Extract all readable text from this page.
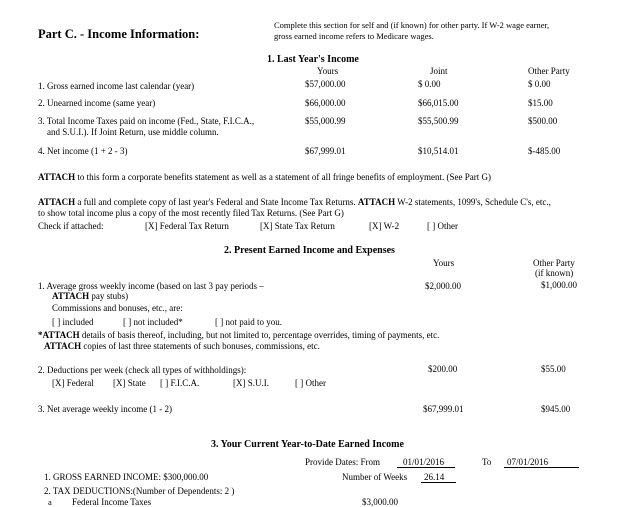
Part C. - Income Information:
Complete this section for self and (if known) for other party. If W-2 wage earner,
gross earned income refers to Medicare wages.
1. Last Year's Income
Yours	Joint	Other Party
1. Gross earned income last calendar (year)	$57,000.00	$ 0.00	$ 0.00
2. Unearned income (same year)	$66,000.00	$66,015.00	$15.00
3. Total Income Taxes paid on income (Fed., State, F.I.C.A.,
and S.U.I.). If Joint Return, use middle column.
$55,000.99	$55,500.99	$500.00
4. Net income (1 + 2 - 3)	$67,999.01	$10,514.01	$-485.00
ATTACH to this form a corporate benefits statement as well as a statement of all fringe benefits of employment. (See Part G)
ATTACH a full and complete copy of last year's Federal and State Income Tax Returns. ATTACH W-2 statements, 1099's, Schedule C's, etc.,
to show total income plus a copy of the most recently filed Tax Returns. (See Part G)
Check if attached:	[X] Federal Tax Return	[X] State Tax Return	[X] W-2	[ ] Other
2. Present Earned Income and Expenses
Yours	Other Party
(if known)
1. Average gross weekly income (based on last 3 pay periods –
ATTACH pay stubs)
$2,000.00	$1,000.00
Commissions and bonuses, etc., are:
[ ] included	[ ] not included*	[ ] not paid to you.
*ATTACH details of basis thereof, including, but not limited to, percentage overrides, timing of payments, etc.
ATTACH copies of last three statements of such bonuses, commissions, etc.
2. Deductions per week (check all types of withholdings):	$200.00	$55.00
[X] Federal [X] State [ ] F.I.C.A.	[X] S.U.I.	[ ] Other
3. Net average weekly income (1 - 2)	$67,999.01	$945.00
3. Your Current Year-to-Date Earned Income
Provide Dates: From	01/01/2016	To	07/01/2016
Number of Weeks	26.14
1. GROSS EARNED INCOME: $300,000.00
2. TAX DEDUCTIONS:(Number of Dependents: 2 )
a Federal Income Taxes	$3,000.00
